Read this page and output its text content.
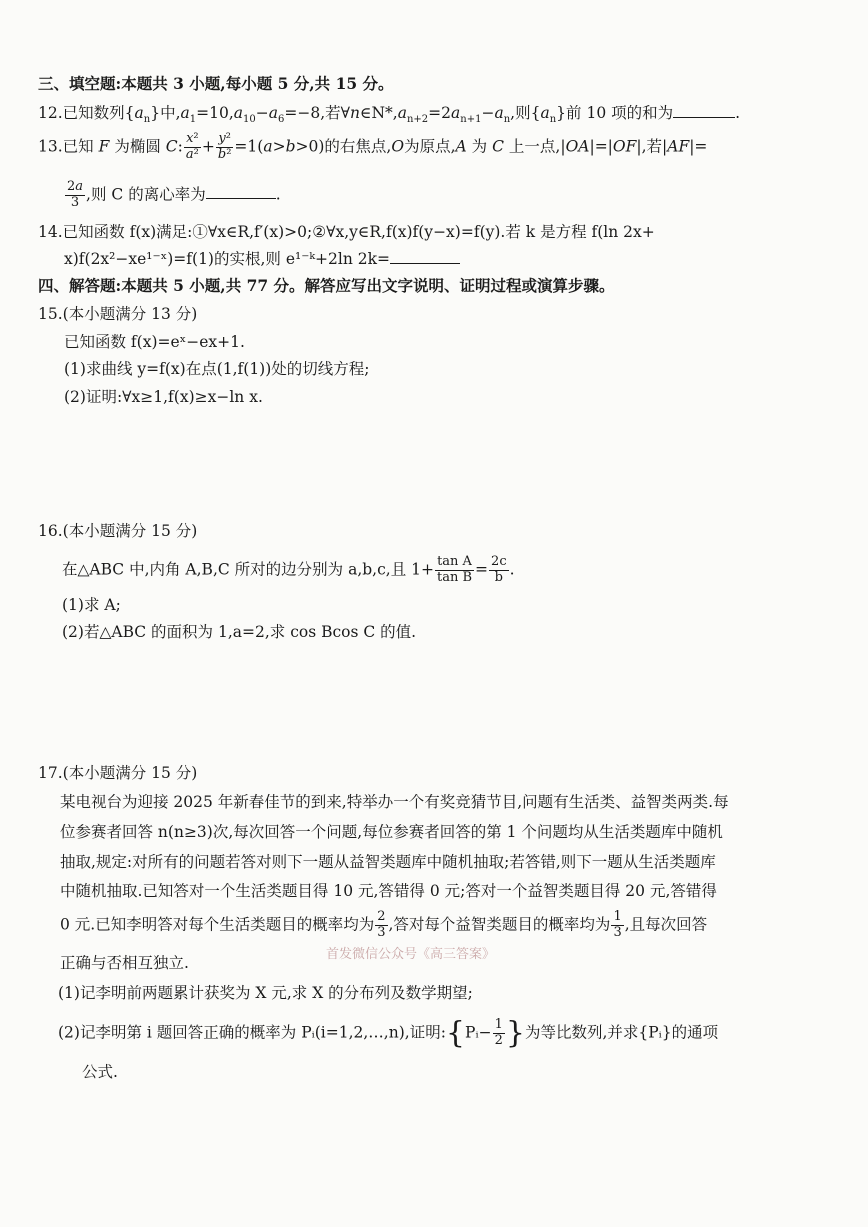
三、填空题:本题共 3 小题,每小题 5 分,共 15 分。
12.已知数列$\{a_n\}$中$,a_1=10,a_{10}-a_6=-8$,若$\forall n\in N*,a_{n+2}=2a_{n+1}-a_n$,则$\{a_n\}$前 10 项的和为	.
13.已知 F 为椭圆 C: $\frac{\text{x²}}{\text{a²}} + \frac{\text{y²}}{\text{b²}} =1(a>b>0)$的右焦点,O为原点,A 为 C 上一点,|OA|=|OF|,若|AF|=
$\frac{2a}{3}$ ,则 C 的离心率为	.
14.已知函数 f(x)满足:①∀x∈R,f′(x)>0;②∀x,y∈R,f(x)f(y−x)=f(y).若 k 是方程 f(ln 2x+
x)f(2x²−xe¹⁻ˣ)=f(1)的实根,则 e¹⁻ᵏ+2ln 2k=
四、解答题:本题共 5 小题,共 77 分。解答应写出文字说明、证明过程或演算步骤。
15.(本小题满分 13 分)
已知函数 f(x)=eˣ−ex+1.
(1)求曲线 y=f(x)在点(1,f(1))处的切线方程;
(2)证明:∀x≥1,f(x)≥x−ln x.
16.(本小题满分 15 分)
在△ABC 中,内角 A,B,C 所对的边分别为 a,b,c,且 $1+ \frac{\text{tan A}}{\text{tan B}} = \frac{2c}{b}$ .
(1)求 A;
(2)若△ABC 的面积为 1,a=2,求 cos Bcos C 的值.
17.(本小题满分 15 分)
某电视台为迎接 2025 年新春佳节的到来,特举办一个有奖竞猜节目,问题有生活类、益智类两类.每
位参赛者回答 n(n≥3)次,每次回答一个问题,每位参赛者回答的第 1 个问题均从生活类题库中随机
抽取,规定:对所有的问题若答对则下一题从益智类题库中随机抽取;若答错,则下一题从生活类题库
中随机抽取.已知答对一个生活类题目得 10 元,答错得 0 元;答对一个益智类题目得 20 元,答错得
0 元.已知李明答对每个生活类题目的概率均为 $\frac{2}{3}$ ,答对每个益智类题目的概率均为 $\frac{1}{3}$ ,且每次回答
正确与否相互独立.	首发微信公众号《高三答案》
(1)记李明前两题累计获奖为 X 元,求 X 的分布列及数学期望;
(2)记李明第 i 题回答正确的概率为 Pᵢ(i=1,2,…,n),证明:{Pᵢ− $\frac{1}{2}$ }为等比数列,并求{Pᵢ}的通项
公式.
